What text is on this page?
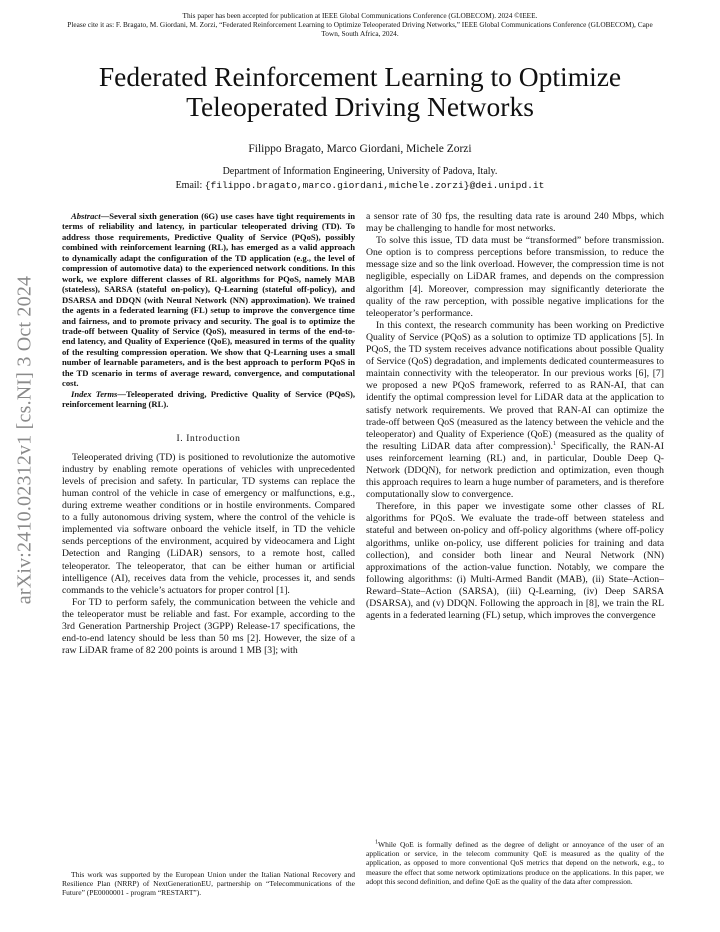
This paper has been accepted for publication at IEEE Global Communications Conference (GLOBECOM). 2024 ©IEEE.
Please cite it as: F. Bragato, M. Giordani, M. Zorzi, “Federated Reinforcement Learning to Optimize Teleoperated Driving Networks,” IEEE Global Communications Conference (GLOBECOM), Cape Town, South Africa, 2024.
Federated Reinforcement Learning to Optimize Teleoperated Driving Networks
Filippo Bragato, Marco Giordani, Michele Zorzi
Department of Information Engineering, University of Padova, Italy.
Email: {filippo.bragato,marco.giordani,michele.zorzi}@dei.unipd.it
arXiv:2410.02312v1 [cs.NI] 3 Oct 2024

Abstract—Several sixth generation (6G) use cases have tight requirements in terms of reliability and latency, in particular teleoperated driving (TD). To address those requirements, Predictive Quality of Service (PQoS), possibly combined with reinforcement learning (RL), has emerged as a valid approach to dynamically adapt the configuration of the TD application (e.g., the level of compression of automotive data) to the experienced network conditions. In this work, we explore different classes of RL algorithms for PQoS, namely MAB (stateless), SARSA (stateful on-policy), Q-Learning (stateful off-policy), and DSARSA and DDQN (with Neural Network (NN) approximation). We trained the agents in a federated learning (FL) setup to improve the convergence time and fairness, and to promote privacy and security. The goal is to optimize the trade-off between Quality of Service (QoS), measured in terms of the end-to-end latency, and Quality of Experience (QoE), measured in terms of the quality of the resulting compression operation. We show that Q-Learning uses a small number of learnable parameters, and is the best approach to perform PQoS in the TD scenario in terms of average reward, convergence, and computational cost.

Index Terms—Teleoperated driving, Predictive Quality of Service (PQoS), reinforcement learning (RL).

I. Introduction

Teleoperated driving (TD) is positioned to revolutionize the automotive industry by enabling remote operations of vehicles with unprecedented levels of precision and safety. In particular, TD systems can replace the human control of the vehicle in case of emergency or malfunctions, e.g., during extreme weather conditions or in hostile environments. Compared to a fully autonomous driving system, where the control of the vehicle is implemented via software onboard the vehicle itself, in TD the vehicle sends perceptions of the environment, acquired by videocamera and Light Detection and Ranging (LiDAR) sensors, to a remote host, called teleoperator. The teleoperator, that can be either human or artificial intelligence (AI), receives data from the vehicle, processes it, and sends commands to the vehicle’s actuators for proper control [1].

For TD to perform safely, the communication between the vehicle and the teleoperator must be reliable and fast. For example, according to the 3rd Generation Partnership Project (3GPP) Release-17 specifications, the end-to-end latency should be less than 50 ms [2]. However, the size of a raw LiDAR frame of 82 200 points is around 1 MB [3]; with

a sensor rate of 30 fps, the resulting data rate is around 240 Mbps, which may be challenging to handle for most networks.

To solve this issue, TD data must be “transformed” before transmission. One option is to compress perceptions before transmission, to reduce the message size and so the link overload. However, the compression time is not negligible, especially on LiDAR frames, and depends on the compression algorithm [4]. Moreover, compression may significantly deteriorate the quality of the raw perception, with possible negative implications for the teleoperator’s performance.

In this context, the research community has been working on Predictive Quality of Service (PQoS) as a solution to optimize TD applications [5]. In PQoS, the TD system receives advance notifications about possible Quality of Service (QoS) degradation, and implements dedicated countermeasures to maintain connectivity with the teleoperator. In our previous works [6], [7] we proposed a new PQoS framework, referred to as RAN-AI, that can identify the optimal compression level for LiDAR data at the application to satisfy network requirements. We proved that RAN-AI can optimize the trade-off between QoS (measured as the latency between the vehicle and the teleoperator) and Quality of Experience (QoE) (measured as the quality of the resulting LiDAR data after compression).$^1$ Specifically, the RAN-AI uses reinforcement learning (RL) and, in particular, Double Deep Q-Network (DDQN), for network prediction and optimization, even though this approach requires to learn a huge number of parameters, and is therefore computationally slow to convergence.

Therefore, in this paper we investigate some other classes of RL algorithms for PQoS. We evaluate the trade-off between stateless and stateful and between on-policy and off-policy algorithms (where off-policy algorithms, unlike on-policy, use different policies for training and data collection), and consider both linear and Neural Network (NN) approximations of the action-value function. Notably, we compare the following algorithms: (i) Multi-Armed Bandit (MAB), (ii) State–Action–Reward–State–Action (SARSA), (iii) Q-Learning, (iv) Deep SARSA (DSARSA), and (v) DDQN. Following the approach in [8], we train the RL agents in a federated learning (FL) setup, which improves the convergence

This work was supported by the European Union under the Italian National Recovery and Resilience Plan (NRRP) of NextGenerationEU, partnership on “Telecommunications of the Future” (PE0000001 - program “RESTART”).
$^1$While QoE is formally defined as the degree of delight or annoyance of the user of an application or service, in the telecom community QoE is measured as the quality of the application, as opposed to more conventional QoS metrics that depend on the network, e.g., to measure the effect that some network optimizations produce on the applications. In this paper, we adopt this second definition, and define QoE as the quality of the data after compression.
